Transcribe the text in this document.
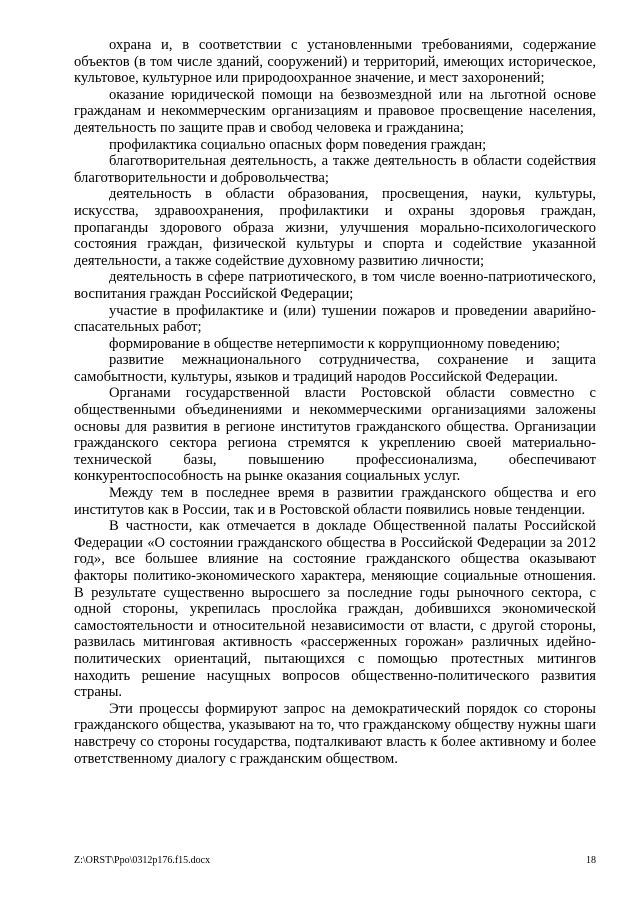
охрана и, в соответствии с установленными требованиями, содержание объектов (в том числе зданий, сооружений) и территорий, имеющих историческое, культовое, культурное или природоохранное значение, и мест захоронений;

оказание юридической помощи на безвозмездной или на льготной основе гражданам и некоммерческим организациям и правовое просвещение населения, деятельность по защите прав и свобод человека и гражданина;

профилактика социально опасных форм поведения граждан;

благотворительная деятельность, а также деятельность в области содействия благотворительности и добровольчества;

деятельность в области образования, просвещения, науки, культуры, искусства, здравоохранения, профилактики и охраны здоровья граждан, пропаганды здорового образа жизни, улучшения морально-психологического состояния граждан, физической культуры и спорта и содействие указанной деятельности, а также содействие духовному развитию личности;

деятельность в сфере патриотического, в том числе военно-патриотического, воспитания граждан Российской Федерации;

участие в профилактике и (или) тушении пожаров и проведении аварийно-спасательных работ;

формирование в обществе нетерпимости к коррупционному поведению;

развитие межнационального сотрудничества, сохранение и защита самобытности, культуры, языков и традиций народов Российской Федерации.

Органами государственной власти Ростовской области совместно с общественными объединениями и некоммерческими организациями заложены основы для развития в регионе институтов гражданского общества. Организации гражданского сектора региона стремятся к укреплению своей материально-технической базы, повышению профессионализма, обеспечивают конкурентоспособность на рынке оказания социальных услуг.

Между тем в последнее время в развитии гражданского общества и его институтов как в России, так и в Ростовской области появились новые тенденции.

В частности, как отмечается в докладе Общественной палаты Российской Федерации «О состоянии гражданского общества в Российской Федерации за 2012 год», все большее влияние на состояние гражданского общества оказывают факторы политико-экономического характера, меняющие социальные отношения. В результате существенно выросшего за последние годы рыночного сектора, с одной стороны, укрепилась прослойка граждан, добившихся экономической самостоятельности и относительной независимости от власти, с другой стороны, развилась митинговая активность «рассерженных горожан» различных идейно-политических ориентаций, пытающихся с помощью протестных митингов находить решение насущных вопросов общественно-политического развития страны.

Эти процессы формируют запрос на демократический порядок со стороны гражданского общества, указывают на то, что гражданскому обществу нужны шаги навстречу со стороны государства, подталкивают власть к более активному и более ответственному диалогу с гражданским обществом.

Z:\ORST\Ppo\0312p176.f15.docx	18
